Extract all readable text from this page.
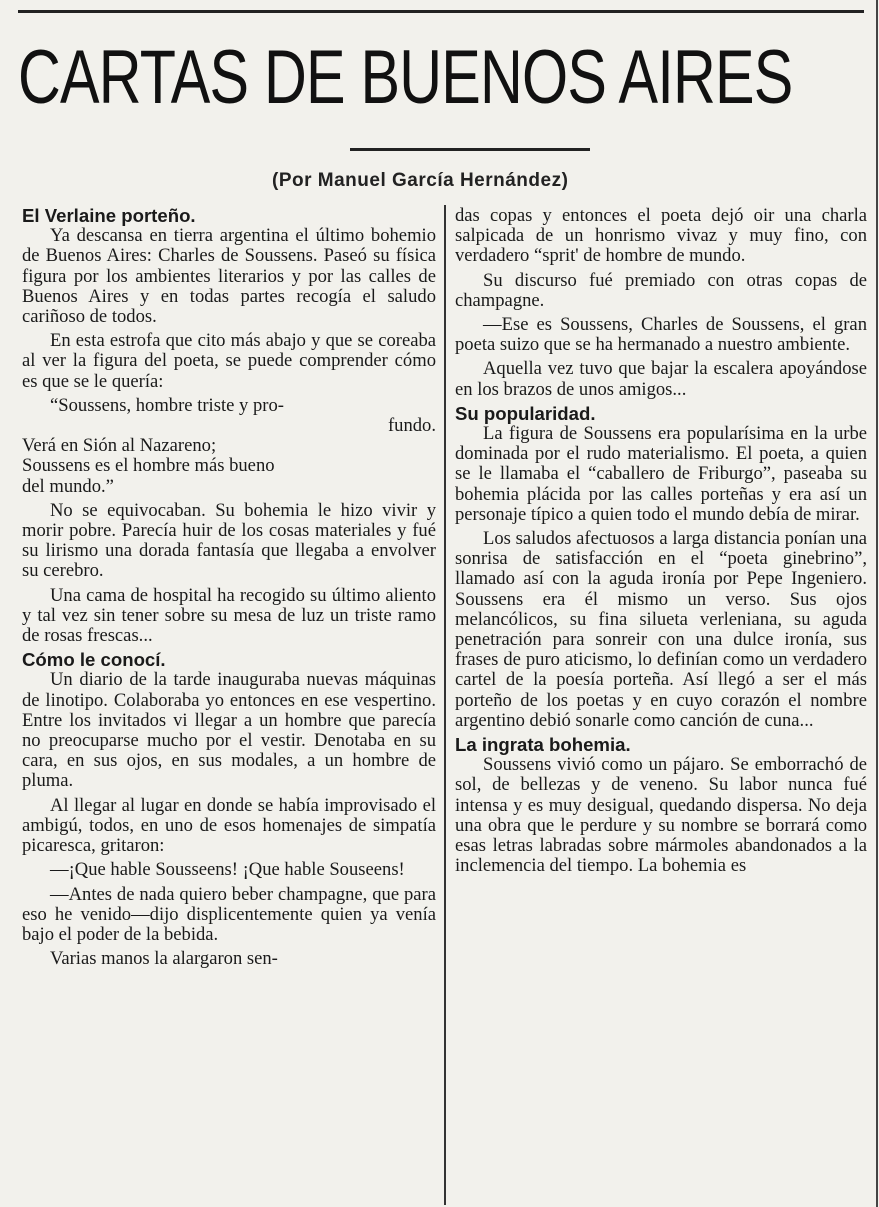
CARTAS DE BUENOS AIRES
(Por Manuel García Hernández)
El Verlaine porteño.

Ya descansa en tierra argentina el último bohemio de Buenos Aires: Charles de Soussens. Paseó su física figura por los ambientes literarios y por las calles de Buenos Aires y en todas partes recogía el saludo cariñoso de todos.

En esta estrofa que cito más abajo y que se coreaba al ver la figura del poeta, se puede comprender cómo es que se le quería:

“Soussens, hombre triste y pro-
fundo.
Verá en Sión al Nazareno;
Soussens es el hombre más bueno
del mundo.”

No se equivocaban. Su bohemia le hizo vivir y morir pobre. Parecía huir de los cosas materiales y fué su lirismo una dorada fantasía que llegaba a envolver su cerebro.

Una cama de hospital ha recogido su último aliento y tal vez sin tener sobre su mesa de luz un triste ramo de rosas frescas...

Cómo le conocí.

Un diario de la tarde inauguraba nuevas máquinas de linotipo. Colaboraba yo entonces en ese vespertino. Entre los invitados vi llegar a un hombre que parecía no preocuparse mucho por el vestir. Denotaba en su cara, en sus ojos, en sus modales, a un hombre de pluma.

Al llegar al lugar en donde se había improvisado el ambigú, todos, en uno de esos homenajes de simpatía picaresca, gritaron:

—¡Que hable Sousseens! ¡Que hable Souseens!

—Antes de nada quiero beber champagne, que para eso he venido—dijo displicentemente quien ya venía bajo el poder de la bebida.

Varias manos la alargaron sen-

das copas y entonces el poeta dejó oir una charla salpicada de un honrismo vivaz y muy fino, con verdadero “sprit' de hombre de mundo.

Su discurso fué premiado con otras copas de champagne.

—Ese es Soussens, Charles de Soussens, el gran poeta suizo que se ha hermanado a nuestro ambiente.

Aquella vez tuvo que bajar la escalera apoyándose en los brazos de unos amigos...

Su popularidad.

La figura de Soussens era popularísima en la urbe dominada por el rudo materialismo. El poeta, a quien se le llamaba el “caballero de Friburgo”, paseaba su bohemia plácida por las calles porteñas y era así un personaje típico a quien todo el mundo debía de mirar.

Los saludos afectuosos a larga distancia ponían una sonrisa de satisfacción en el “poeta ginebrino”, llamado así con la aguda ironía por Pepe Ingeniero. Soussens era él mismo un verso. Sus ojos melancólicos, su fina silueta verleniana, su aguda penetración para sonreir con una dulce ironía, sus frases de puro aticismo, lo definían como un verdadero cartel de la poesía porteña. Así llegó a ser el más porteño de los poetas y en cuyo corazón el nombre argentino debió sonarle como canción de cuna...

La ingrata bohemia.

Soussens vivió como un pájaro. Se emborrachó de sol, de bellezas y de veneno. Su labor nunca fué intensa y es muy desigual, quedando dispersa. No deja una obra que le perdure y su nombre se borrará como esas letras labradas sobre mármoles abandonados a la inclemencia del tiempo. La bohemia es
